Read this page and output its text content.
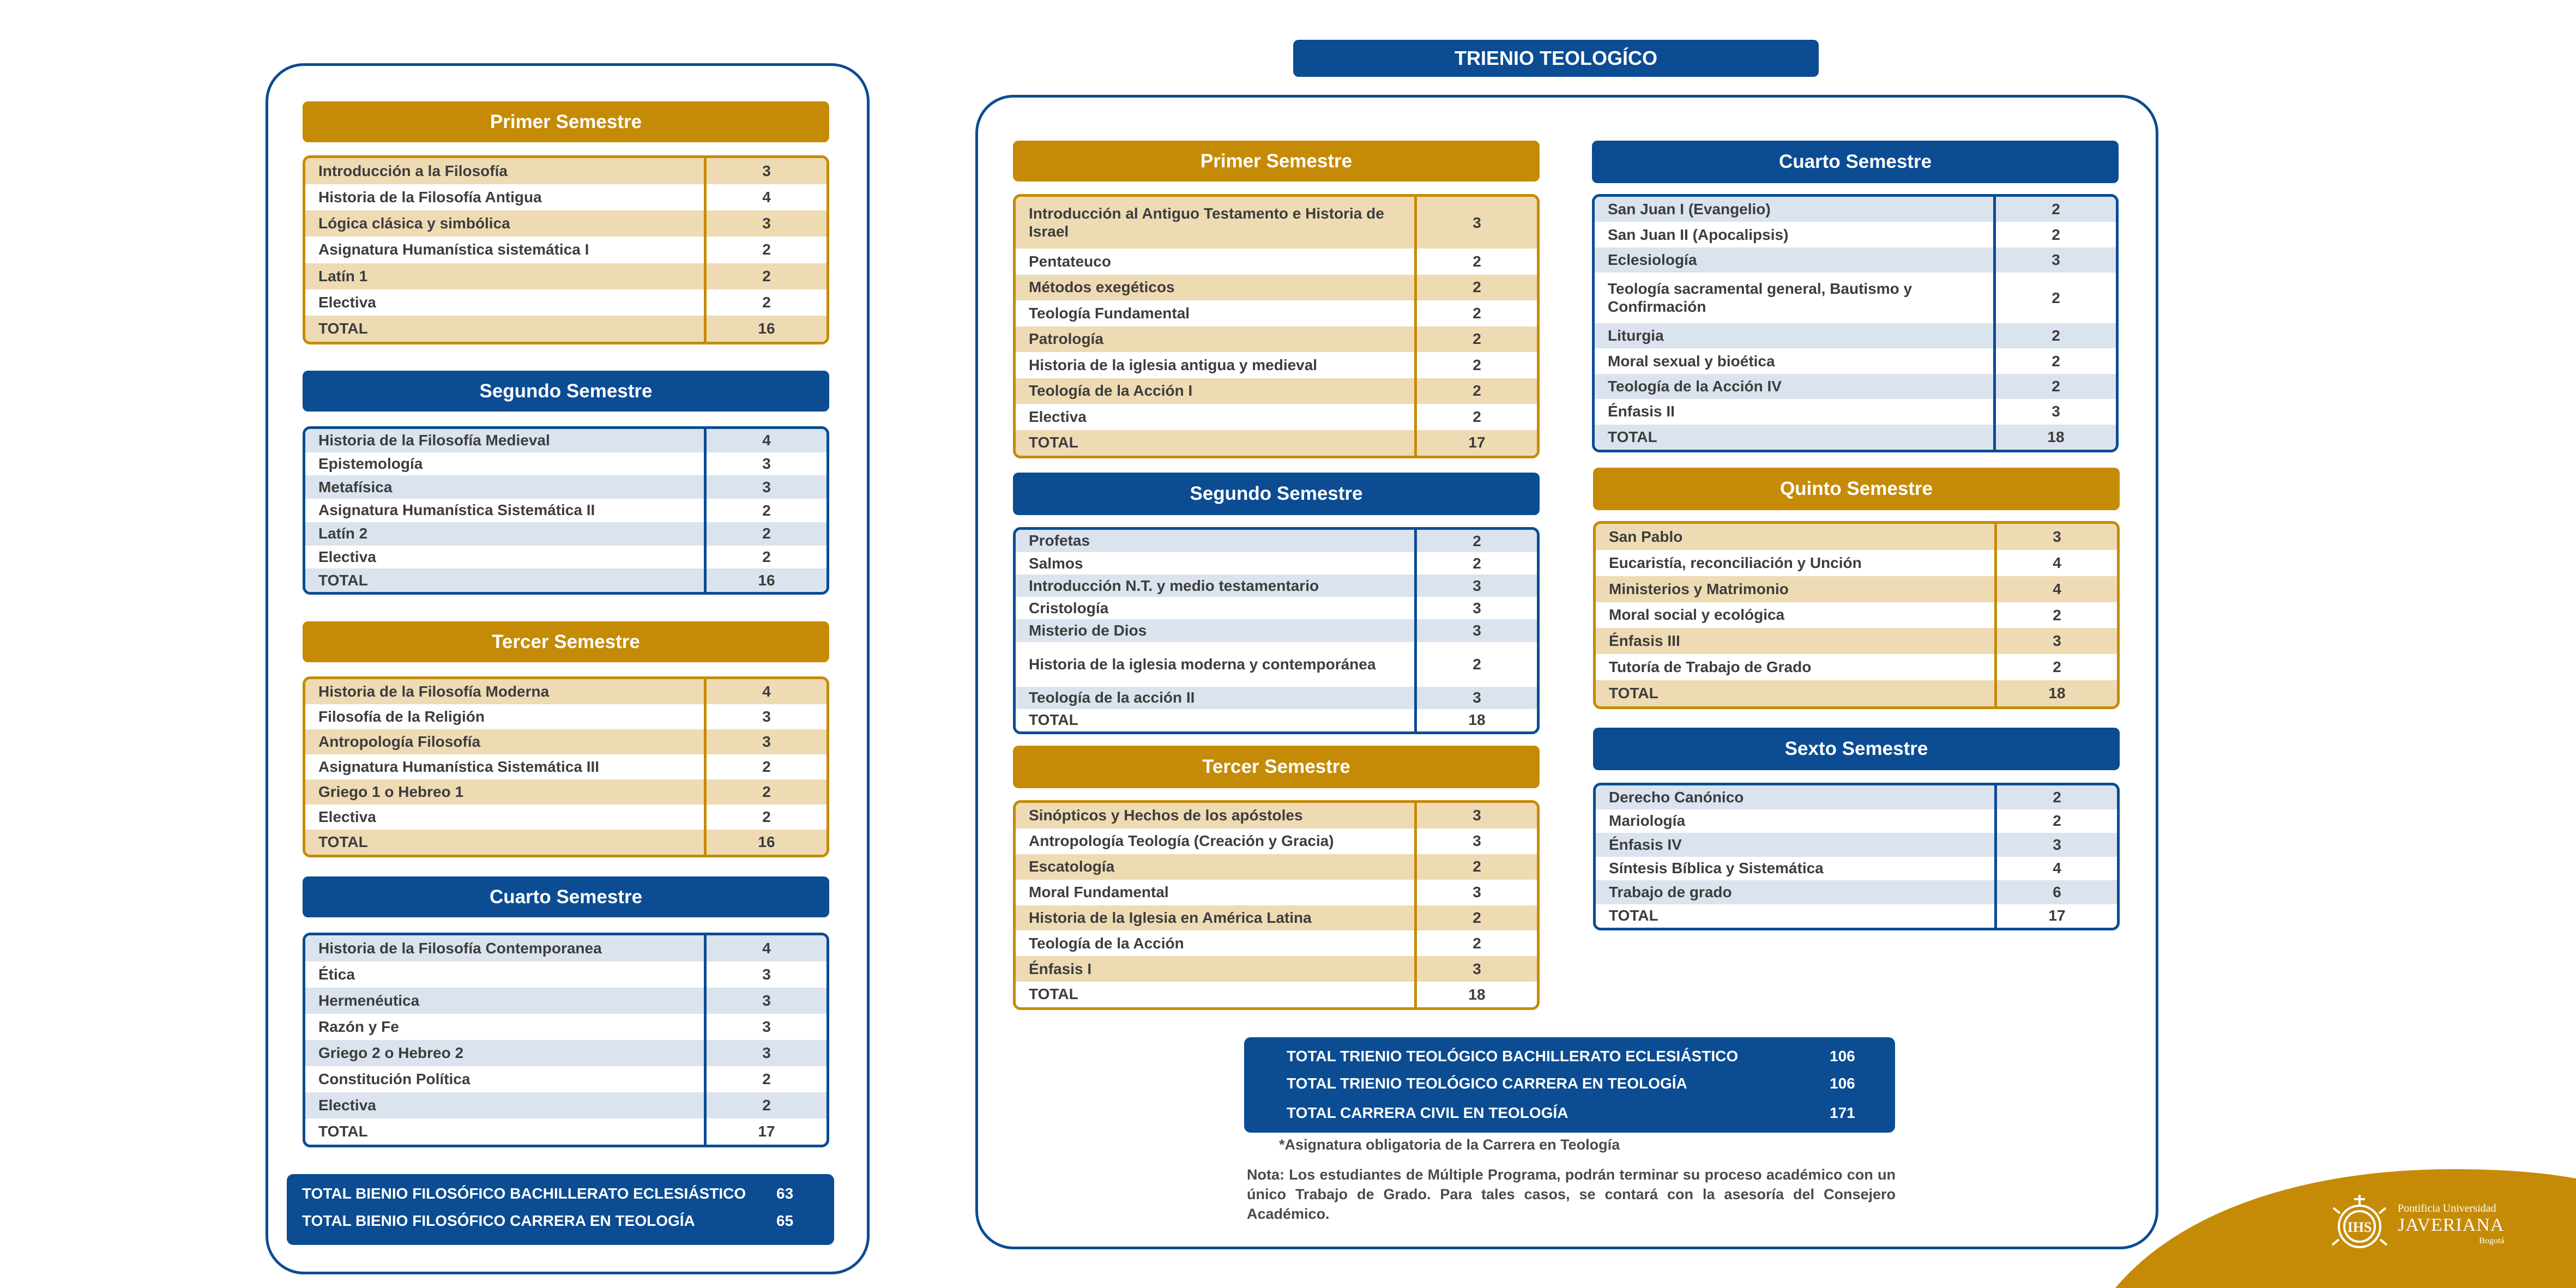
TRIENIO TEOLOGÍCO
Primer Semestre
Introducción a la Filosofía	3
Historia de la Filosofía Antigua	4
Lógica clásica y simbólica	3
Asignatura Humanística sistemática I	2
Latín 1	2
Electiva	2
TOTAL	16
Segundo Semestre
Historia de la Filosofía Medieval	4
Epistemología	3
Metafísica	3
Asignatura Humanística Sistemática II	2
Latín 2	2
Electiva	2
TOTAL	16
Tercer Semestre
Historia de la Filosofía Moderna	4
Filosofía de la Religión	3
Antropología Filosofía	3
Asignatura Humanística Sistemática III	2
Griego 1 o Hebreo 1	2
Electiva	2
TOTAL	16
Cuarto Semestre
Historia de la Filosofía Contemporanea	4
Ética	3
Hermenéutica	3
Razón y Fe	3
Griego 2 o Hebreo 2	3
Constitución Política	2
Electiva	2
TOTAL	17
TOTAL BIENIO FILOSÓFICO BACHILLERATO ECLESIÁSTICO 63
TOTAL BIENIO FILOSÓFICO CARRERA EN TEOLOGÍA	65
Primer Semestre
Introducción al Antiguo Testamento e Historia de Israel
3
Pentateuco	2
Métodos exegéticos	2
Teología Fundamental	2
Patrología	2
Historia de la iglesia antigua y medieval	2
Teología de la Acción I	2
Electiva	2
TOTAL	17
Segundo Semestre
Profetas	2
Salmos	2
Introducción N.T. y medio testamentario	3
Cristología	3
Misterio de Dios	3
Historia de la iglesia moderna y contemporánea	2
Teología de la acción II	3
TOTAL	18
Tercer Semestre
Sinópticos y Hechos de los apóstoles	3
Antropología Teología (Creación y Gracia)	3
Escatología	2
Moral Fundamental	3
Historia de la Iglesia en América Latina	2
Teología de la Acción	2
Énfasis I	3
TOTAL	18
Cuarto Semestre
San Juan I (Evangelio)	2
San Juan II (Apocalipsis)	2
Eclesiología	3
Teología sacramental general, Bautismo y Confirmación
2
Liturgia	2
Moral sexual y bioética	2
Teología de la Acción IV	2
Énfasis II	3
TOTAL	18
Quinto Semestre
San Pablo	3
Eucaristía, reconciliación y Unción	4
Ministerios y Matrimonio	4
Moral social y ecológica	2
Énfasis III	3
Tutoría de Trabajo de Grado	2
TOTAL	18
Sexto Semestre
Derecho Canónico	2
Mariología	2
Énfasis IV	3
Síntesis Bíblica y Sistemática	4
Trabajo de grado	6
TOTAL	17
TOTAL TRIENIO TEOLÓGICO BACHILLERATO ECLESIÁSTICO	106
TOTAL TRIENIO TEOLÓGICO CARRERA EN TEOLOGÍA	106
TOTAL CARRERA CIVIL EN TEOLOGÍA	171
*Asignatura obligatoria de la Carrera en Teología
Nota: Los estudiantes de Múltiple Programa, podrán terminar su proceso académico con un único Trabajo de Grado. Para tales casos, se contará con la asesoría del Consejero Académico.
IHS
Pontificia Universidad
JAVERIANA
Bogotá
